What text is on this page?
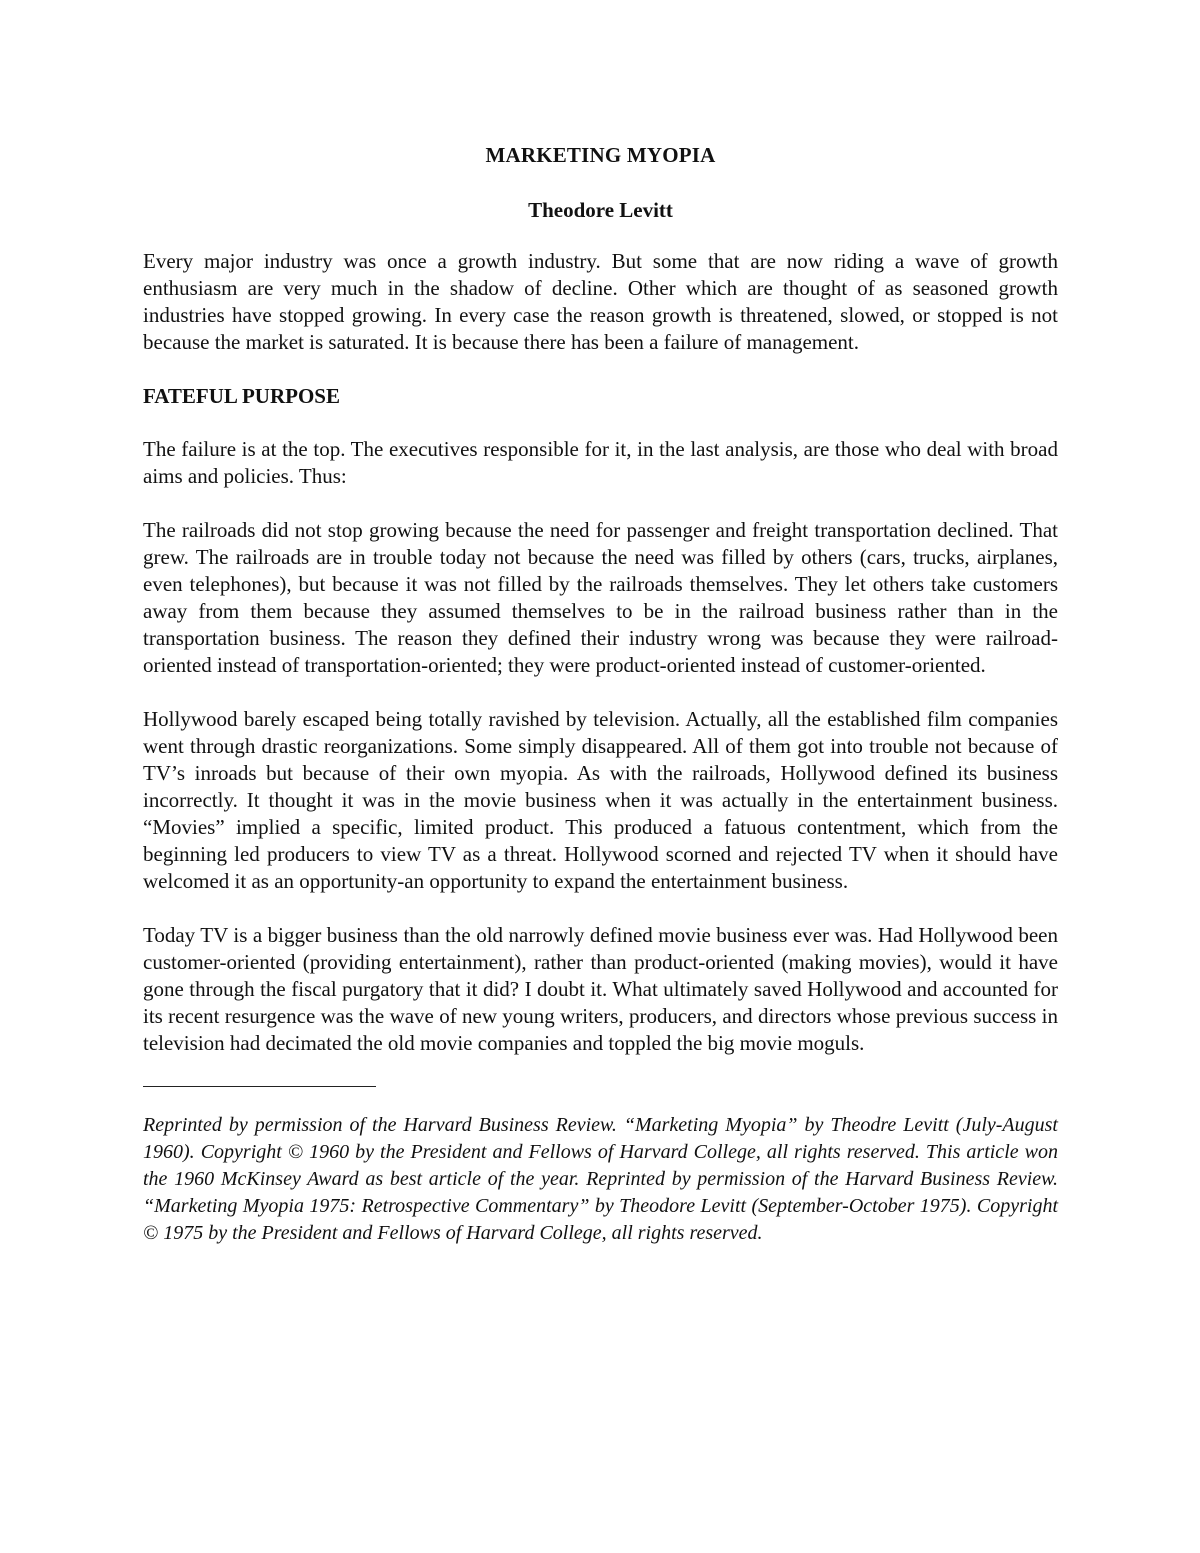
MARKETING MYOPIA
Theodore Levitt

Every major industry was once a growth industry. But some that are now riding a wave of growth enthusiasm are very much in the shadow of decline. Other which are thought of as seasoned growth industries have stopped growing. In every case the reason growth is threatened, slowed, or stopped is not because the market is saturated. It is because there has been a failure of management.

FATEFUL PURPOSE

The failure is at the top. The executives responsible for it, in the last analysis, are those who deal with broad aims and policies. Thus:

The railroads did not stop growing because the need for passenger and freight transportation declined. That grew. The railroads are in trouble today not because the need was filled by others (cars, trucks, airplanes, even telephones), but because it was not filled by the railroads themselves. They let others take customers away from them because they assumed themselves to be in the railroad business rather than in the transportation business. The reason they defined their industry wrong was because they were railroad-oriented instead of transportation-oriented; they were product-oriented instead of customer-oriented.

Hollywood barely escaped being totally ravished by television. Actually, all the established film companies went through drastic reorganizations. Some simply disappeared. All of them got into trouble not because of TV’s inroads but because of their own myopia. As with the railroads, Hollywood defined its business incorrectly. It thought it was in the movie business when it was actually in the entertainment business. “Movies” implied a specific, limited product. This produced a fatuous contentment, which from the beginning led producers to view TV as a threat. Hollywood scorned and rejected TV when it should have welcomed it as an opportunity-an opportunity to expand the entertainment business.

Today TV is a bigger business than the old narrowly defined movie business ever was. Had Hollywood been customer-oriented (providing entertainment), rather than product-oriented (making movies), would it have gone through the fiscal purgatory that it did? I doubt it. What ultimately saved Hollywood and accounted for its recent resurgence was the wave of new young writers, producers, and directors whose previous success in television had decimated the old movie companies and toppled the big movie moguls.

Reprinted by permission of the Harvard Business Review. “Marketing Myopia” by Theodre Levitt (July-August 1960). Copyright © 1960 by the President and Fellows of Harvard College, all rights reserved. This article won the 1960 McKinsey Award as best article of the year. Reprinted by permission of the Harvard Business Review. “Marketing Myopia 1975: Retrospective Commentary” by Theodore Levitt (September-October 1975). Copyright © 1975 by the President and Fellows of Harvard College, all rights reserved.
